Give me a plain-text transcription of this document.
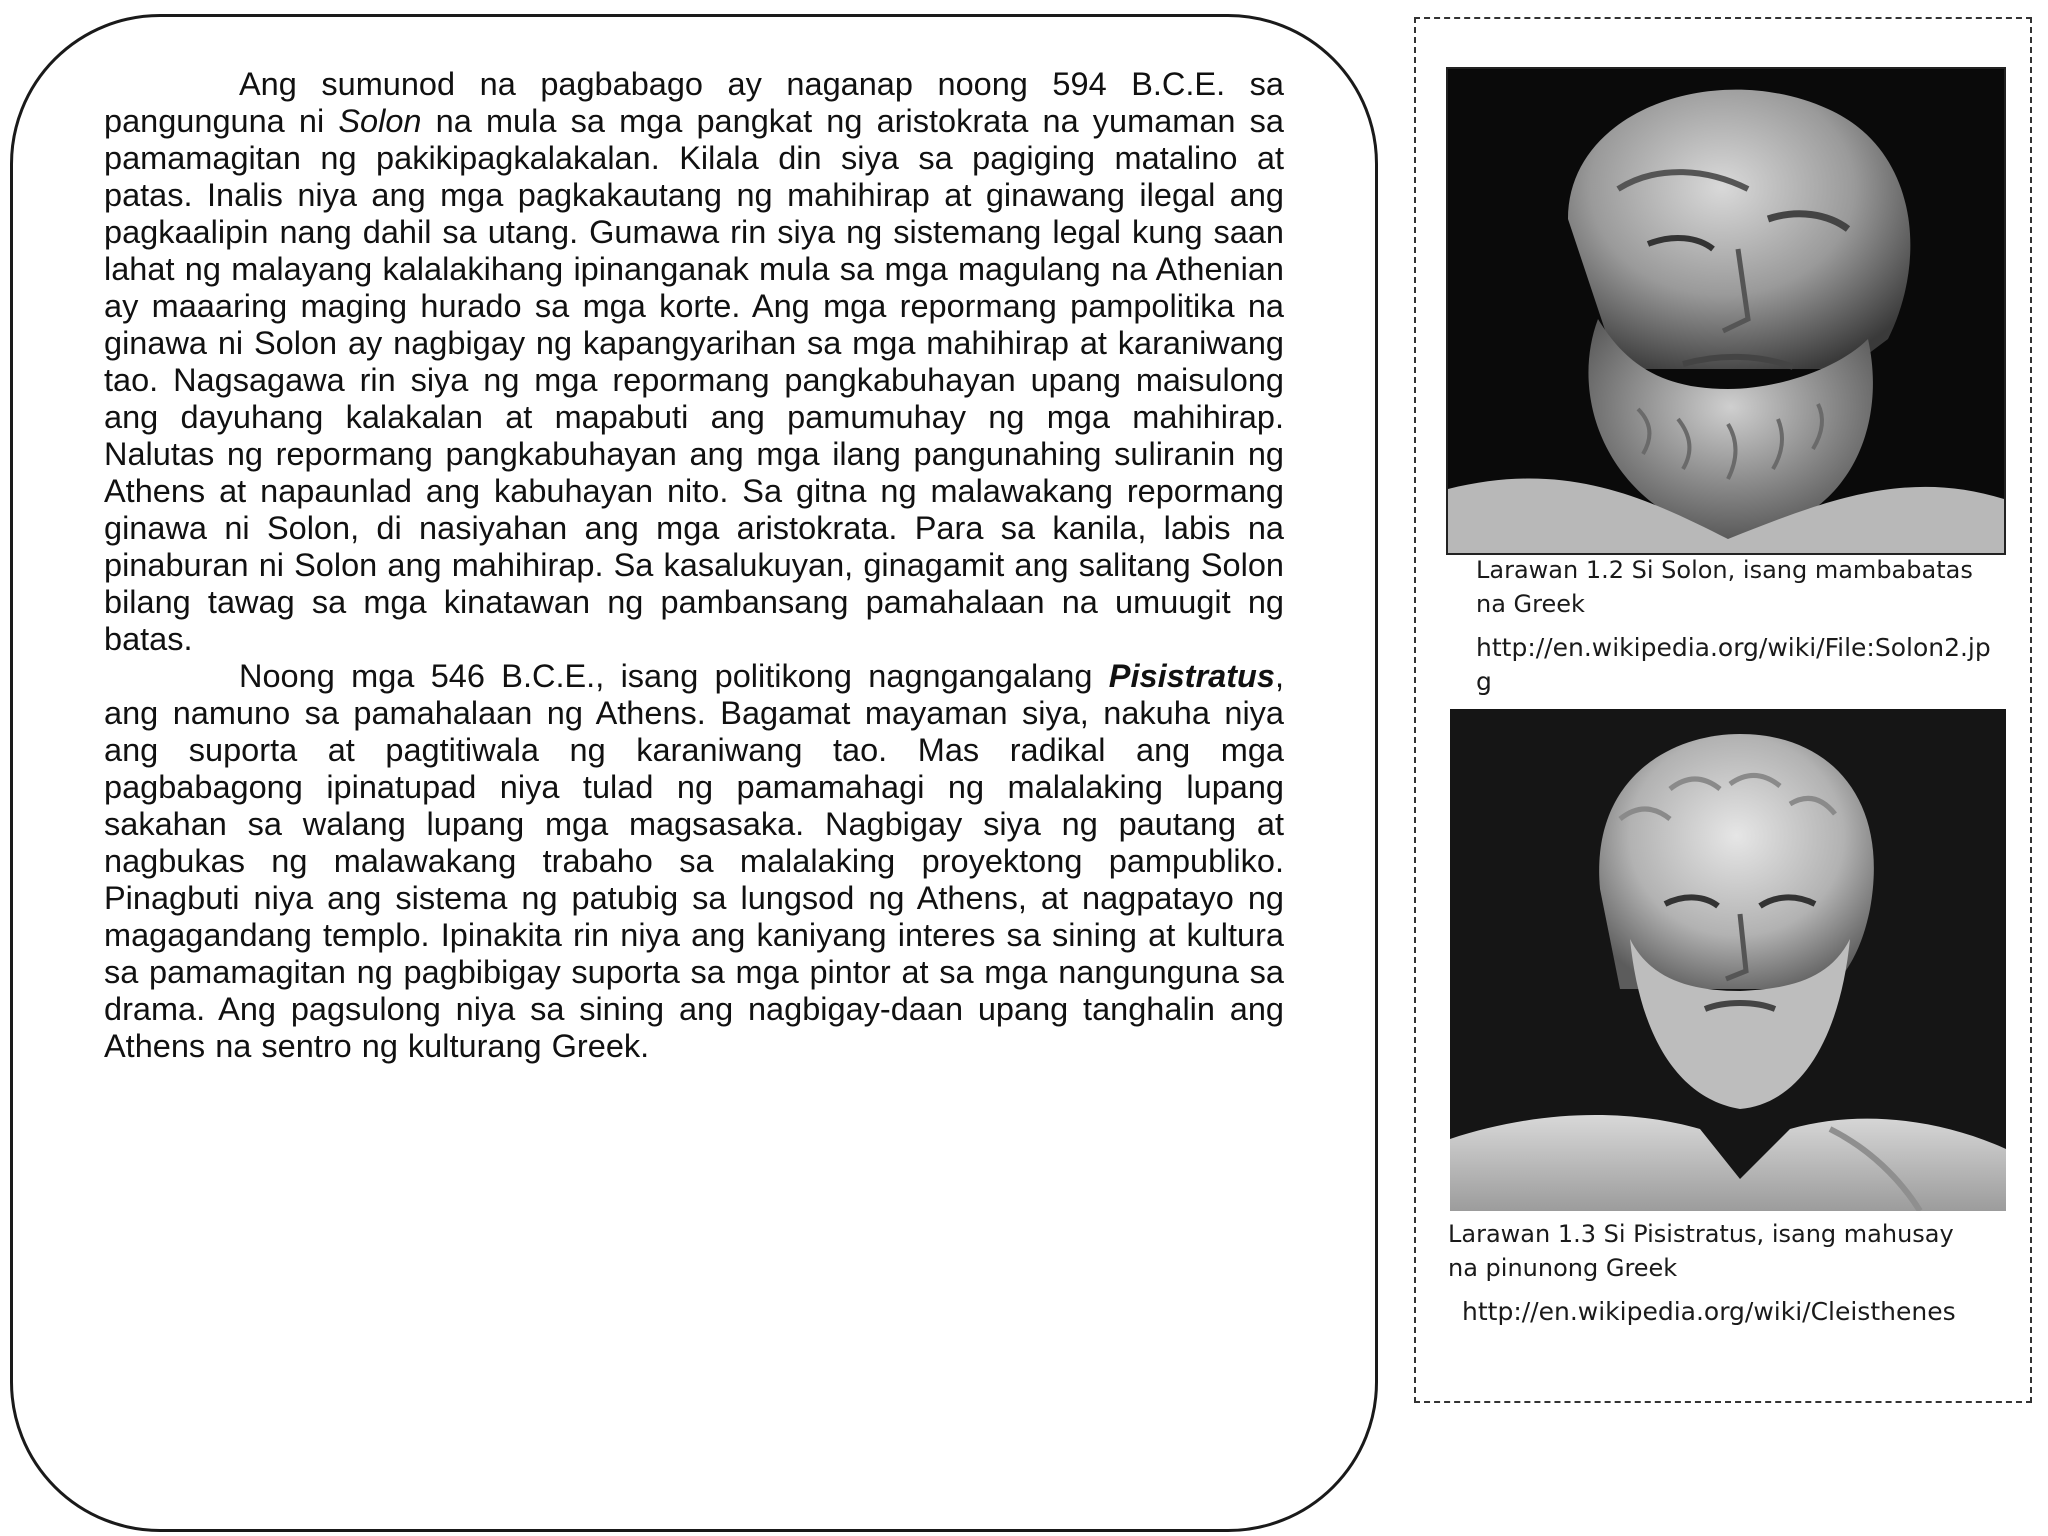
Ang sumunod na pagbabago ay naganap noong 594 B.C.E. sa pangunguna ni Solon na mula sa mga pangkat ng aristokrata na yumaman sa pamamagitan ng pakikipagkalakalan. Kilala din siya sa pagiging matalino at patas. Inalis niya ang mga pagkakautang ng mahihirap at ginawang ilegal ang pagkaalipin nang dahil sa utang. Gumawa rin siya ng sistemang legal kung saan lahat ng malayang kalalakihang ipinanganak mula sa mga magulang na Athenian ay maaaring maging hurado sa mga korte. Ang mga repormang pampolitika na ginawa ni Solon ay nagbigay ng kapangyarihan sa mga mahihirap at karaniwang tao. Nagsagawa rin siya ng mga repormang pangkabuhayan upang maisulong ang dayuhang kalakalan at mapabuti ang pamumuhay ng mga mahihirap. Nalutas ng repormang pangkabuhayan ang mga ilang pangunahing suliranin ng Athens at napaunlad ang kabuhayan nito. Sa gitna ng malawakang repormang ginawa ni Solon, di nasiyahan ang mga aristokrata. Para sa kanila, labis na pinaburan ni Solon ang mahihirap. Sa kasalukuyan, ginagamit ang salitang Solon bilang tawag sa mga kinatawan ng pambansang pamahalaan na umuugit ng batas.

Noong mga 546 B.C.E., isang politikong nagngangalang Pisistratus, ang namuno sa pamahalaan ng Athens. Bagamat mayaman siya, nakuha niya ang suporta at pagtitiwala ng karaniwang tao. Mas radikal ang mga pagbabagong ipinatupad niya tulad ng pamamahagi ng malalaking lupang sakahan sa walang lupang mga magsasaka. Nagbigay siya ng pautang at nagbukas ng malawakang trabaho sa malalaking proyektong pampubliko. Pinagbuti niya ang sistema ng patubig sa lungsod ng Athens, at nagpatayo ng magagandang templo. Ipinakita rin niya ang kaniyang interes sa sining at kultura sa pamamagitan ng pagbibigay suporta sa mga pintor at sa mga nangunguna sa drama. Ang pagsulong niya sa sining ang nagbigay-daan upang tanghalin ang Athens na sentro ng kulturang Greek.

Larawan 1.2 Si Solon, isang mambabatas na Greek
http://en.wikipedia.org/wiki/File:Solon2.jpg
Larawan 1.3 Si Pisistratus, isang mahusay na pinunong Greek
http://en.wikipedia.org/wiki/Cleisthenes
